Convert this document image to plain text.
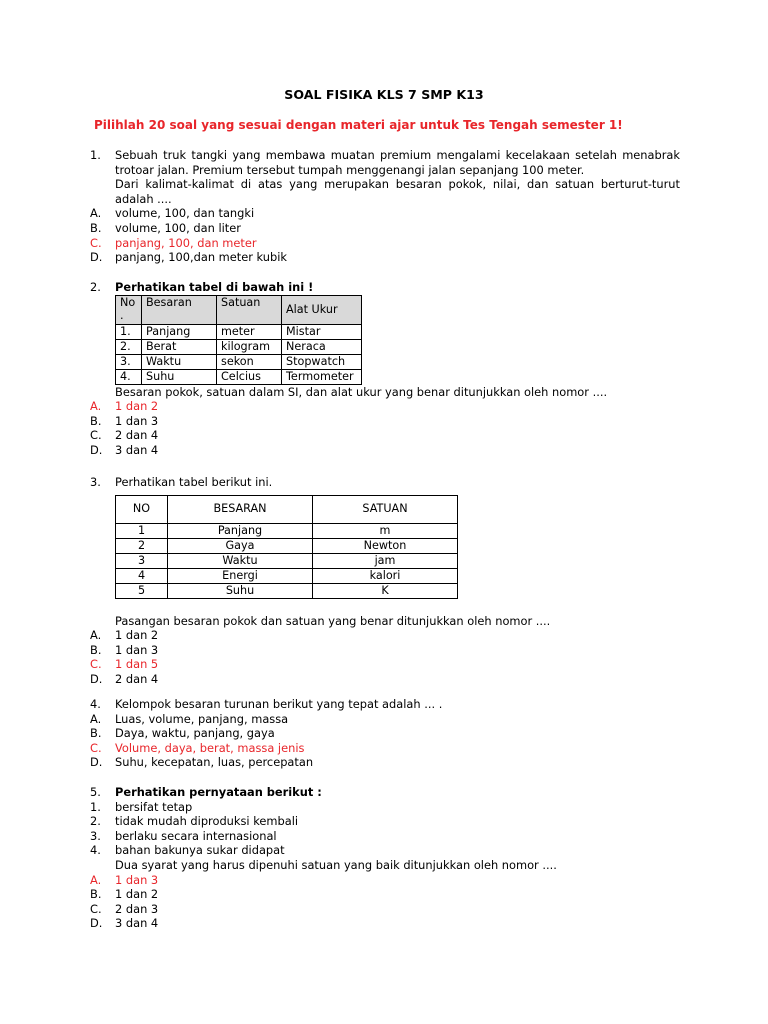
SOAL FISIKA KLS 7 SMP K13
Pilihlah 20 soal yang sesuai dengan materi ajar untuk Tes Tengah semester 1!
1. Sebuah truk tangki yang membawa muatan premium mengalami kecelakaan setelah menabrak trotoar jalan. Premium tersebut tumpah menggenangi jalan sepanjang 100 meter.
Dari kalimat-kalimat di atas yang merupakan besaran pokok, nilai, dan satuan berturut-turut adalah ....
A. volume, 100, dan tangki
B. volume, 100, dan liter
C. panjang, 100, dan meter
D. panjang, 100,dan meter kubik
2. Perhatikan tabel di bawah ini !
No .	Besaran	Satuan	Alat Ukur
1.	Panjang	meter	Mistar
2.	Berat	kilogram	Neraca
3.	Waktu	sekon	Stopwatch
4.	Suhu	Celcius	Termometer
Besaran pokok, satuan dalam SI, dan alat ukur yang benar ditunjukkan oleh nomor ....
A. 1 dan 2
B. 1 dan 3
C. 2 dan 4
D. 3 dan 4
3. Perhatikan tabel berikut ini.
NO	BESARAN	SATUAN
1	Panjang	m
2	Gaya	Newton
3	Waktu	jam
4	Energi	kalori
5	Suhu	K
Pasangan besaran pokok dan satuan yang benar ditunjukkan oleh nomor ....
A. 1 dan 2
B. 1 dan 3
C. 1 dan 5
D. 2 dan 4
4. Kelompok besaran turunan berikut yang tepat adalah ... .
A. Luas, volume, panjang, massa
B. Daya, waktu, panjang, gaya
C. Volume, daya, berat, massa jenis
D. Suhu, kecepatan, luas, percepatan
5. Perhatikan pernyataan berikut :
1. bersifat tetap
2. tidak mudah diproduksi kembali
3. berlaku secara internasional
4. bahan bakunya sukar didapat
Dua syarat yang harus dipenuhi satuan yang baik ditunjukkan oleh nomor ....
A. 1 dan 3
B. 1 dan 2
C. 2 dan 3
D. 3 dan 4
